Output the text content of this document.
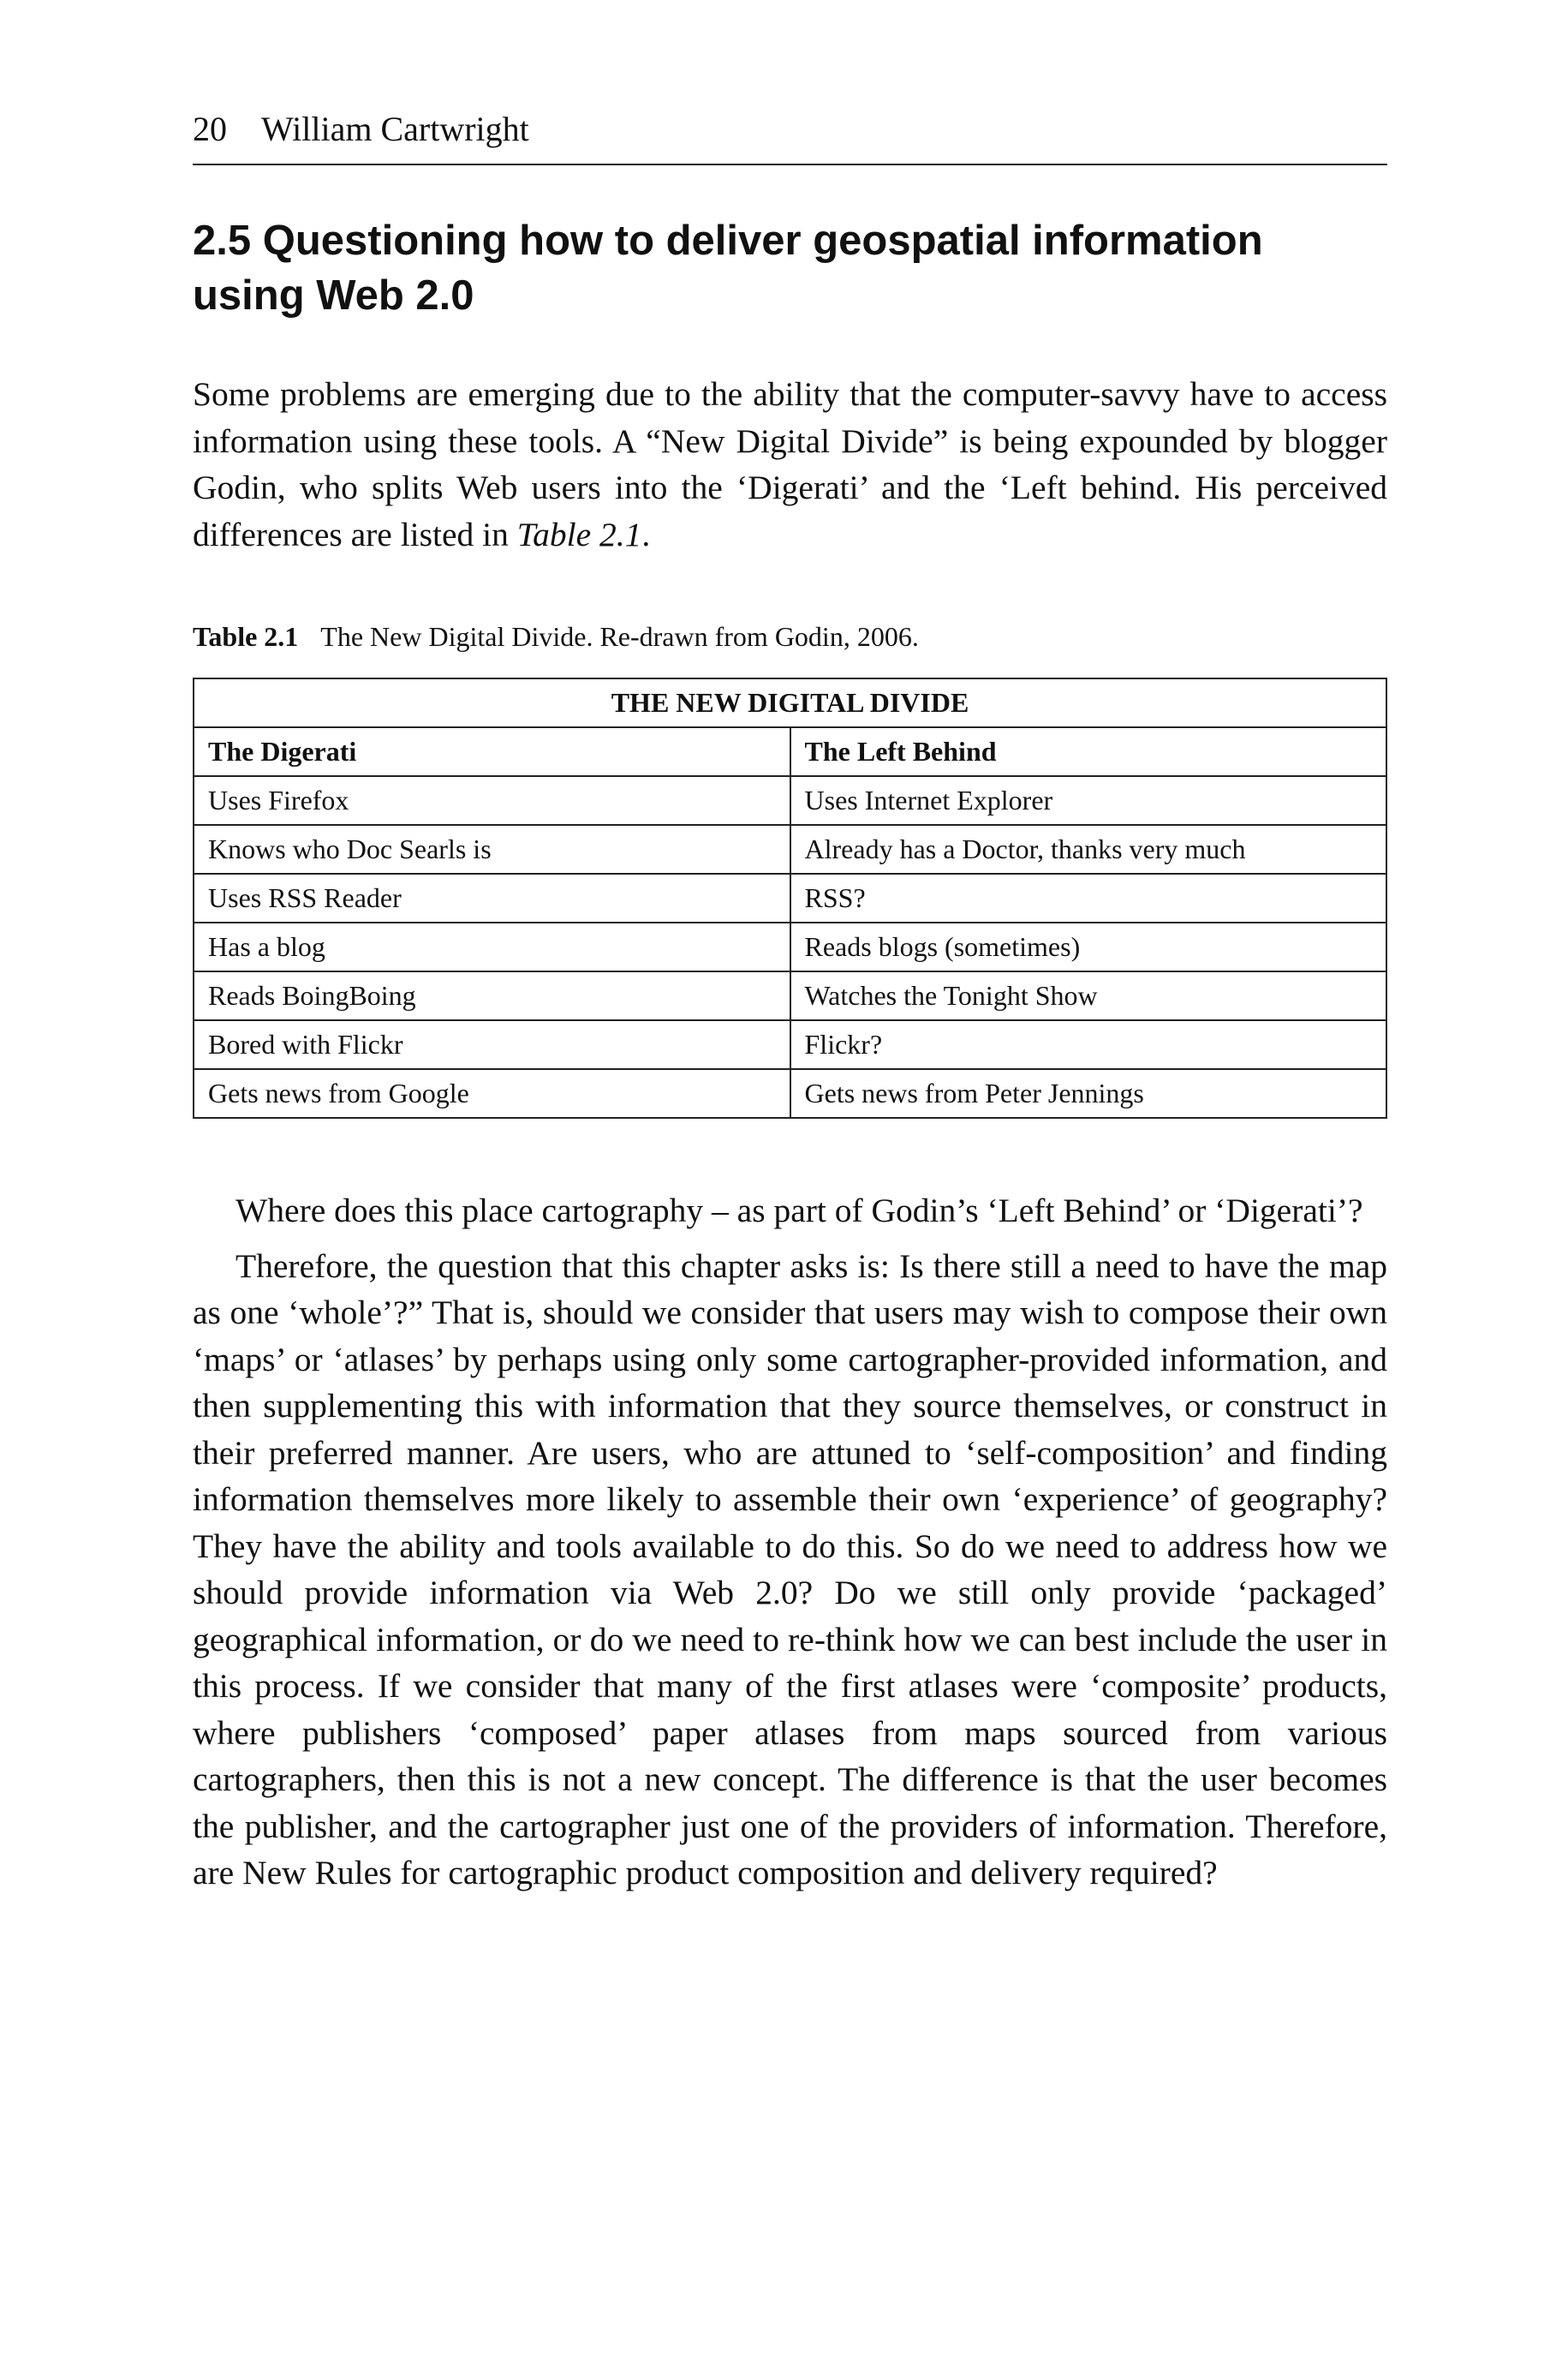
20 William Cartwright
2.5 Questioning how to deliver geospatial information
using Web 2.0

Some problems are emerging due to the ability that the computer-savvy have to access information using these tools. A “New Digital Divide” is being expounded by blogger Godin, who splits Web users into the ‘Digerati’ and the ‘Left behind. His perceived differences are listed in Table 2.1.

Table 2.1 The New Digital Divide. Re-drawn from Godin, 2006.
THE NEW DIGITAL DIVIDE	
The Digerati	The Left Behind
Uses Firefox	Uses Internet Explorer
Knows who Doc Searls is	Already has a Doctor, thanks very much
Uses RSS Reader	RSS?
Has a blog	Reads blogs (sometimes)
Reads BoingBoing	Watches the Tonight Show
Bored with Flickr	Flickr?
Gets news from Google	Gets news from Peter Jennings

Where does this place cartography – as part of Godin’s ‘Left Behind’ or ‘Digerati’?

Therefore, the question that this chapter asks is: Is there still a need to have the map as one ‘whole’?” That is, should we consider that users may wish to compose their own ‘maps’ or ‘atlases’ by perhaps using only some cartographer-provided information, and then supplementing this with information that they source themselves, or construct in their preferred manner. Are users, who are attuned to ‘self-composition’ and finding information themselves more likely to assemble their own ‘experience’ of geography? They have the ability and tools available to do this. So do we need to address how we should provide information via Web 2.0? Do we still only provide ‘packaged’ geographical information, or do we need to re-think how we can best include the user in this process. If we consider that many of the first atlases were ‘composite’ products, where publishers ‘composed’ paper atlases from maps sourced from various cartographers, then this is not a new concept. The difference is that the user becomes the publisher, and the cartographer just one of the providers of information. Therefore, are New Rules for cartographic product composition and delivery required?
